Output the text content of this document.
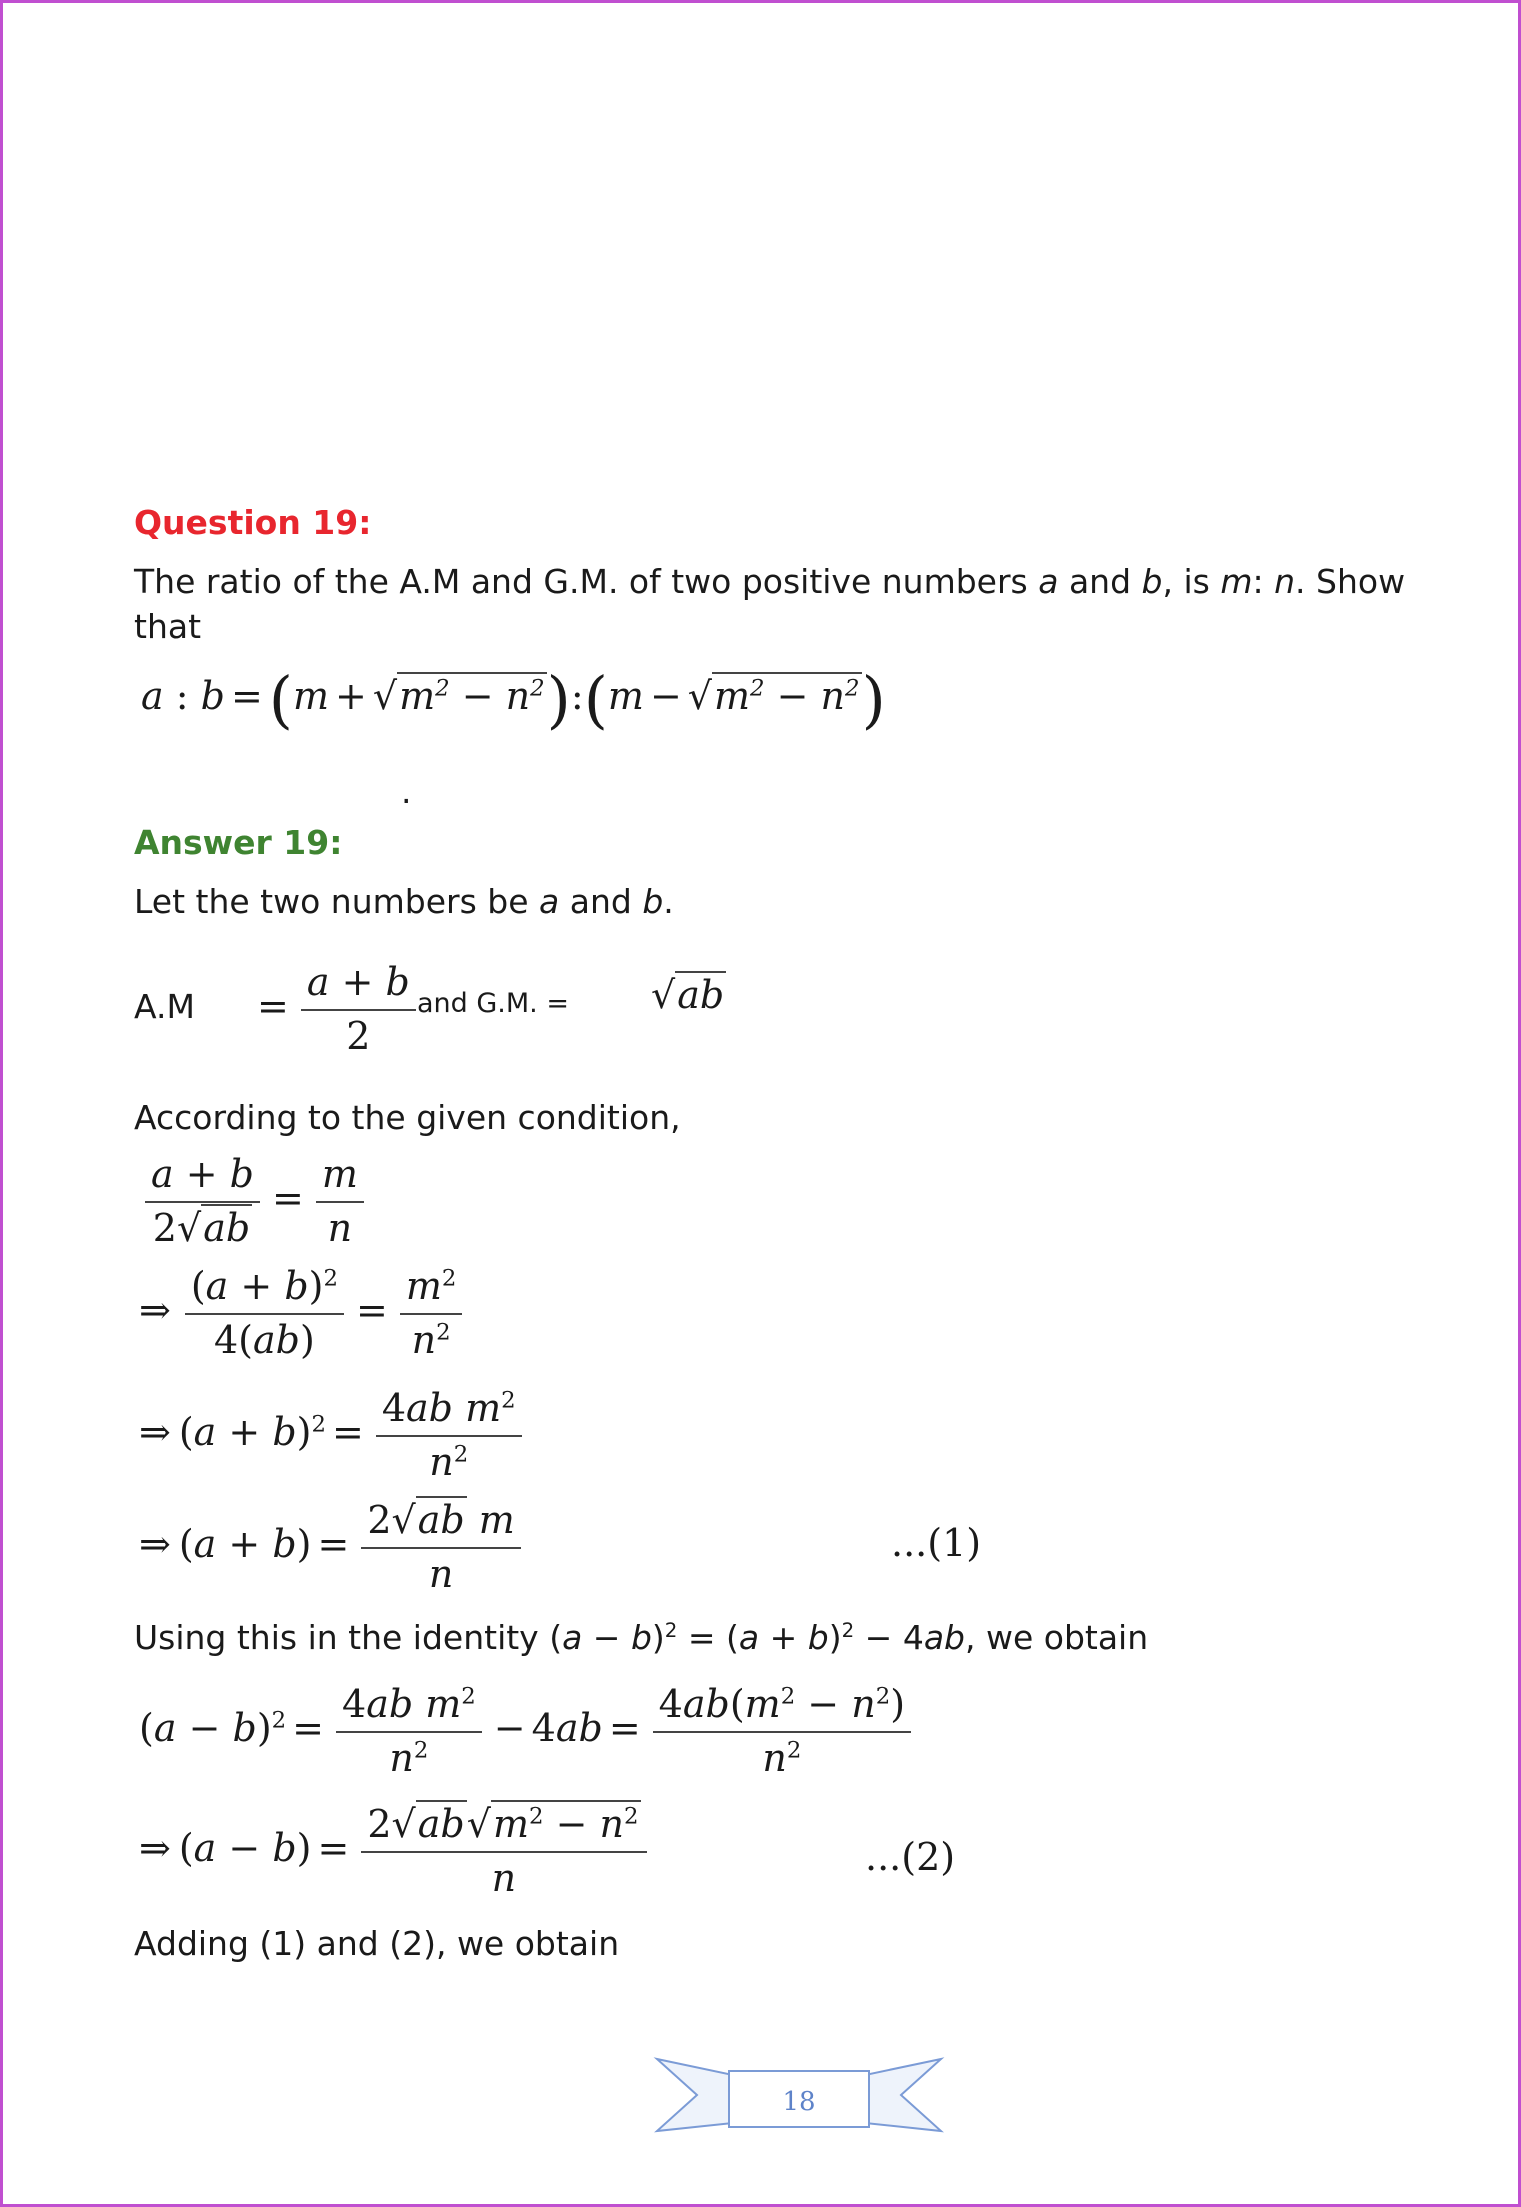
Question 19:
The ratio of the A.M and G.M. of two positive numbers a and b, is m: n. Show
that
a : $b =(m + √m^2$ − $n^2):(m - √m^2 - n^2)$
.
Answer 19:
Let the two numbers be a and b.
$A.M = \frac{a + b}{2}$ and G.M. = √ab
According to the given condition,
$\frac{a + b}{2√ab} = \frac{m}{n}$
⇒ $\frac{(a + b)^2}{4(ab)} = \frac{m^2}{n^2}$
⇒ $(a + b)^2 = \frac{4ab m^2}{n^2}$
⇒ $(a + b) = \frac{\text{2√ab m}}{n}$	...(1)
Using this in the identity $(a - b)^2 = (a + b)^2 - 4ab$, we obtain
$(a - b)^2 = \frac{4ab m^2}{n^2} - 4ab = \frac{4ab(m^2 - n^2)}{n^2}$
⇒ $(a - b) = \frac{2√ab√m^2 - n^2}{n}$	...(2)
Adding (1) and (2), we obtain
18
